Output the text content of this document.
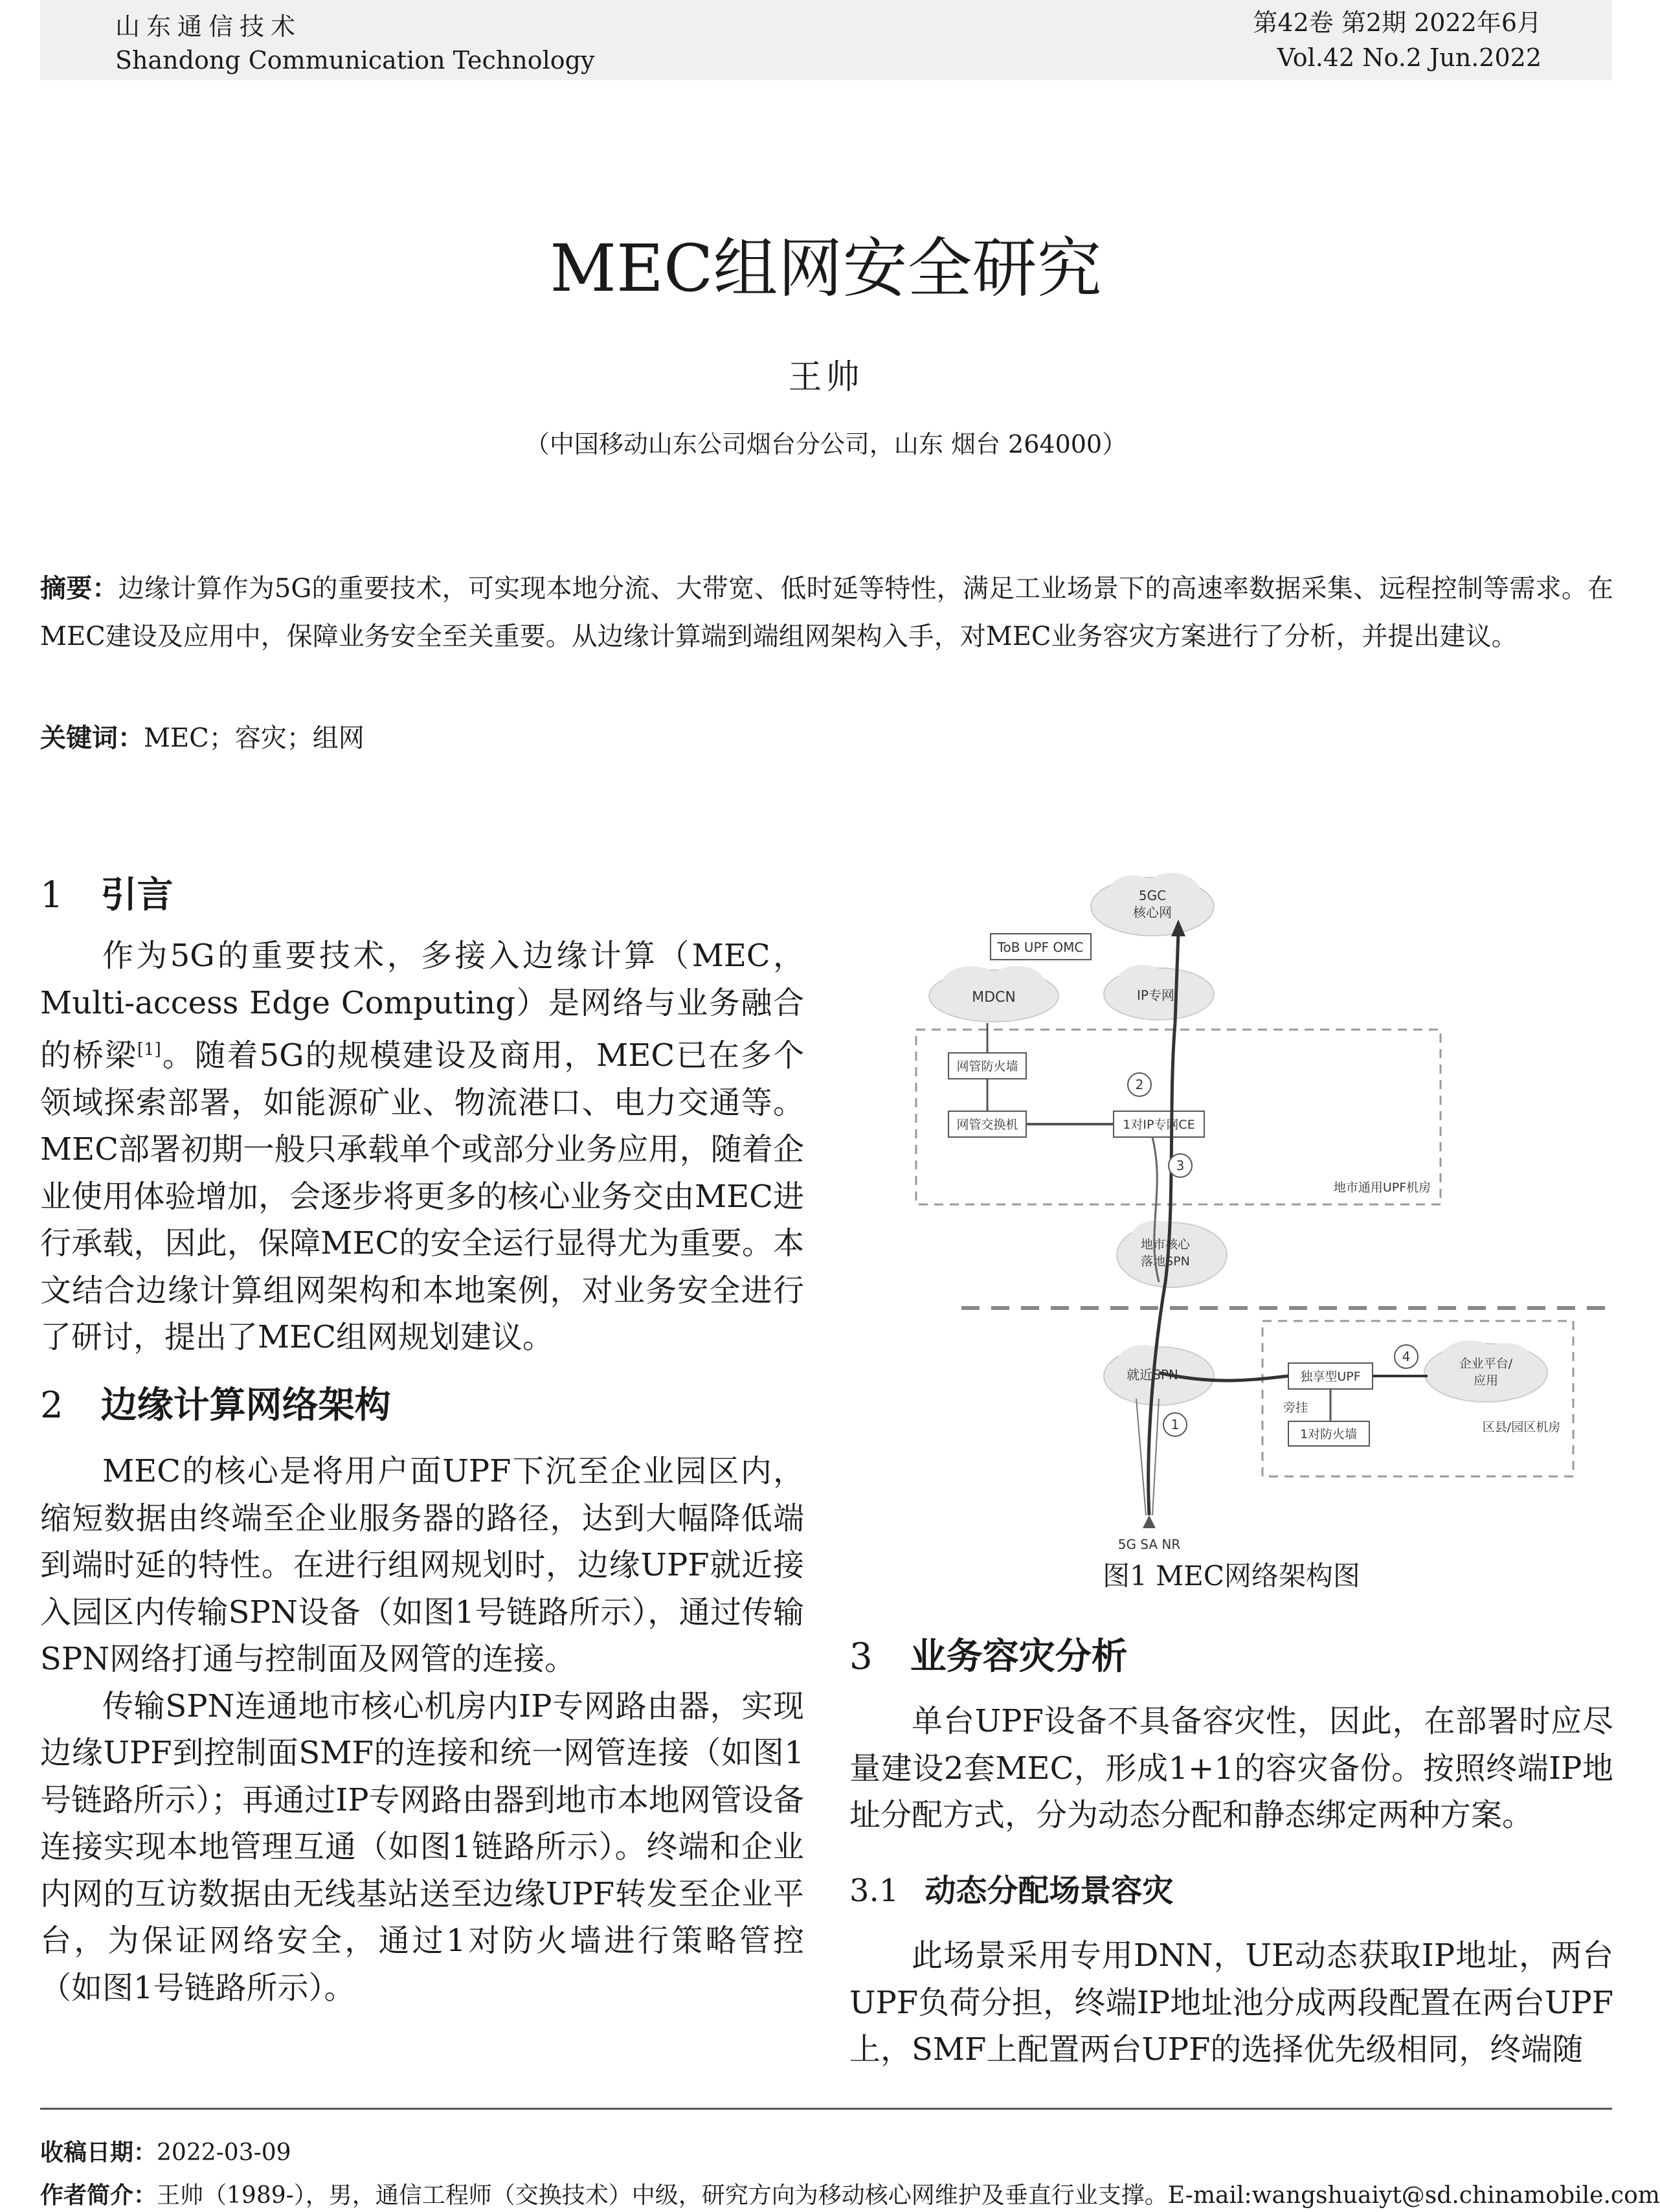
山东通信技术
Shandong Communication Technology
第42卷 第2期 2022年6月
Vol.42 No.2 Jun.2022
MEC组网安全研究
王帅
（中国移动山东公司烟台分公司，山东 烟台 264000）
摘要：边缘计算作为5G的重要技术，可实现本地分流、大带宽、低时延等特性，满足工业场景下的高速率数据采集、远程控制等需求。在MEC建设及应用中，保障业务安全至关重要。从边缘计算端到端组网架构入手，对MEC业务容灾方案进行了分析，并提出建议。
关键词：MEC；容灾；组网
1 引言

作为5G的重要技术，多接入边缘计算（MEC，Multi-access Edge Computing）是网络与业务融合的桥梁[1]。随着5G的规模建设及商用，MEC已在多个领域探索部署，如能源矿业、物流港口、电力交通等。MEC部署初期一般只承载单个或部分业务应用，随着企业使用体验增加，会逐步将更多的核心业务交由MEC进行承载，因此，保障MEC的安全运行显得尤为重要。本文结合边缘计算组网架构和本地案例，对业务安全进行了研讨，提出了MEC组网规划建议。

2 边缘计算网络架构

MEC的核心是将用户面UPF下沉至企业园区内，缩短数据由终端至企业服务器的路径，达到大幅降低端到端时延的特性。在进行组网规划时，边缘UPF就近接入园区内传输SPN设备（如图1号链路所示），通过传输SPN网络打通与控制面及网管的连接。

传输SPN连通地市核心机房内IP专网路由器，实现边缘UPF到控制面SMF的连接和统一网管连接（如图1号链路所示）；再通过IP专网路由器到地市本地网管设备连接实现本地管理互通（如图1链路所示）。终端和企业内网的互访数据由无线基站送至边缘UPF转发至企业平台，为保证网络安全，通过1对防火墙进行策略管控（如图1号链路所示）。

5GC
核心网
MDCN	IP专网
地市核心
落地SPN
就近SPN
企业平台/
应用
ToB UPF OMC
网管防火墙
网管交换机	1对IP专网CE
地市通用UPF机房
独享型UPF
旁挂
1对防火墙	区县/园区机房
2
3
1
4
5G SA NR
图1 MEC网络架构图
3 业务容灾分析

单台UPF设备不具备容灾性，因此，在部署时应尽量建设2套MEC，形成1+1的容灾备份。按照终端IP地址分配方式，分为动态分配和静态绑定两种方案。

3.1 动态分配场景容灾

此场景采用专用DNN，UE动态获取IP地址，两台UPF负荷分担，终端IP地址池分成两段配置在两台UPF上，SMF上配置两台UPF的选择优先级相同，终端随

收稿日期：2022-03-09
作者简介：王帅（1989-），男，通信工程师（交换技术）中级，研究方向为移动核心网维护及垂直行业支撑。E-mail:wangshuaiyt@sd.chinamobile.com
